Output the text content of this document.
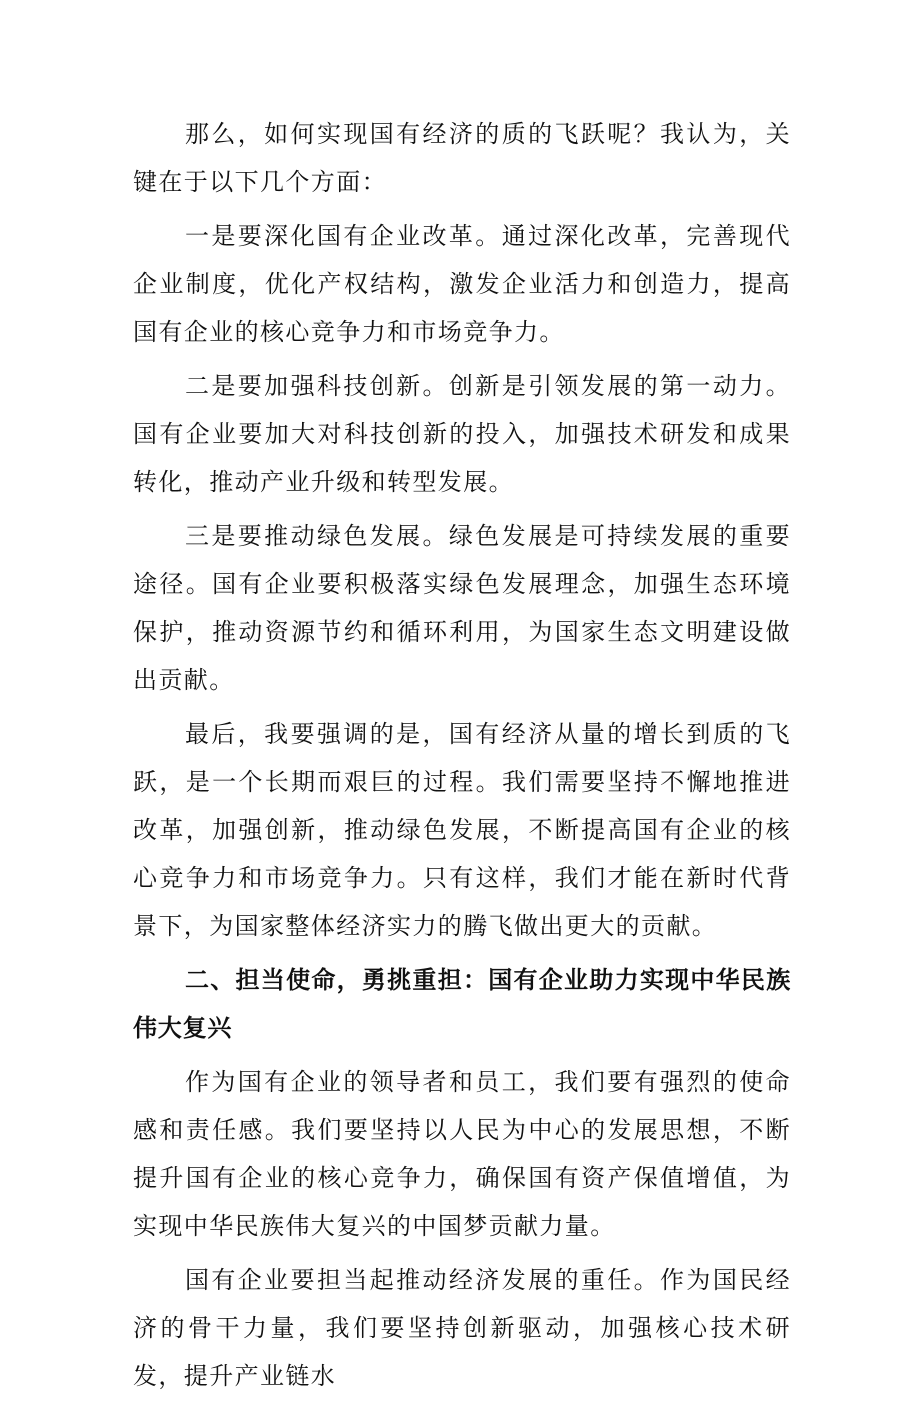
那么，如何实现国有经济的质的飞跃呢？我认为，关键在于以下几个方面：

一是要深化国有企业改革。通过深化改革，完善现代企业制度，优化产权结构，激发企业活力和创造力，提高国有企业的核心竞争力和市场竞争力。

二是要加强科技创新。创新是引领发展的第一动力。国有企业要加大对科技创新的投入，加强技术研发和成果转化，推动产业升级和转型发展。

三是要推动绿色发展。绿色发展是可持续发展的重要途径。国有企业要积极落实绿色发展理念，加强生态环境保护，推动资源节约和循环利用，为国家生态文明建设做出贡献。

最后，我要强调的是，国有经济从量的增长到质的飞跃，是一个长期而艰巨的过程。我们需要坚持不懈地推进改革，加强创新，推动绿色发展，不断提高国有企业的核心竞争力和市场竞争力。只有这样，我们才能在新时代背景下，为国家整体经济实力的腾飞做出更大的贡献。

二、担当使命，勇挑重担：国有企业助力实现中华民族伟大复兴

作为国有企业的领导者和员工，我们要有强烈的使命感和责任感。我们要坚持以人民为中心的发展思想，不断提升国有企业的核心竞争力，确保国有资产保值增值，为实现中华民族伟大复兴的中国梦贡献力量。

国有企业要担当起推动经济发展的重任。作为国民经济的骨干力量，我们要坚持创新驱动，加强核心技术研发，提升产业链水
